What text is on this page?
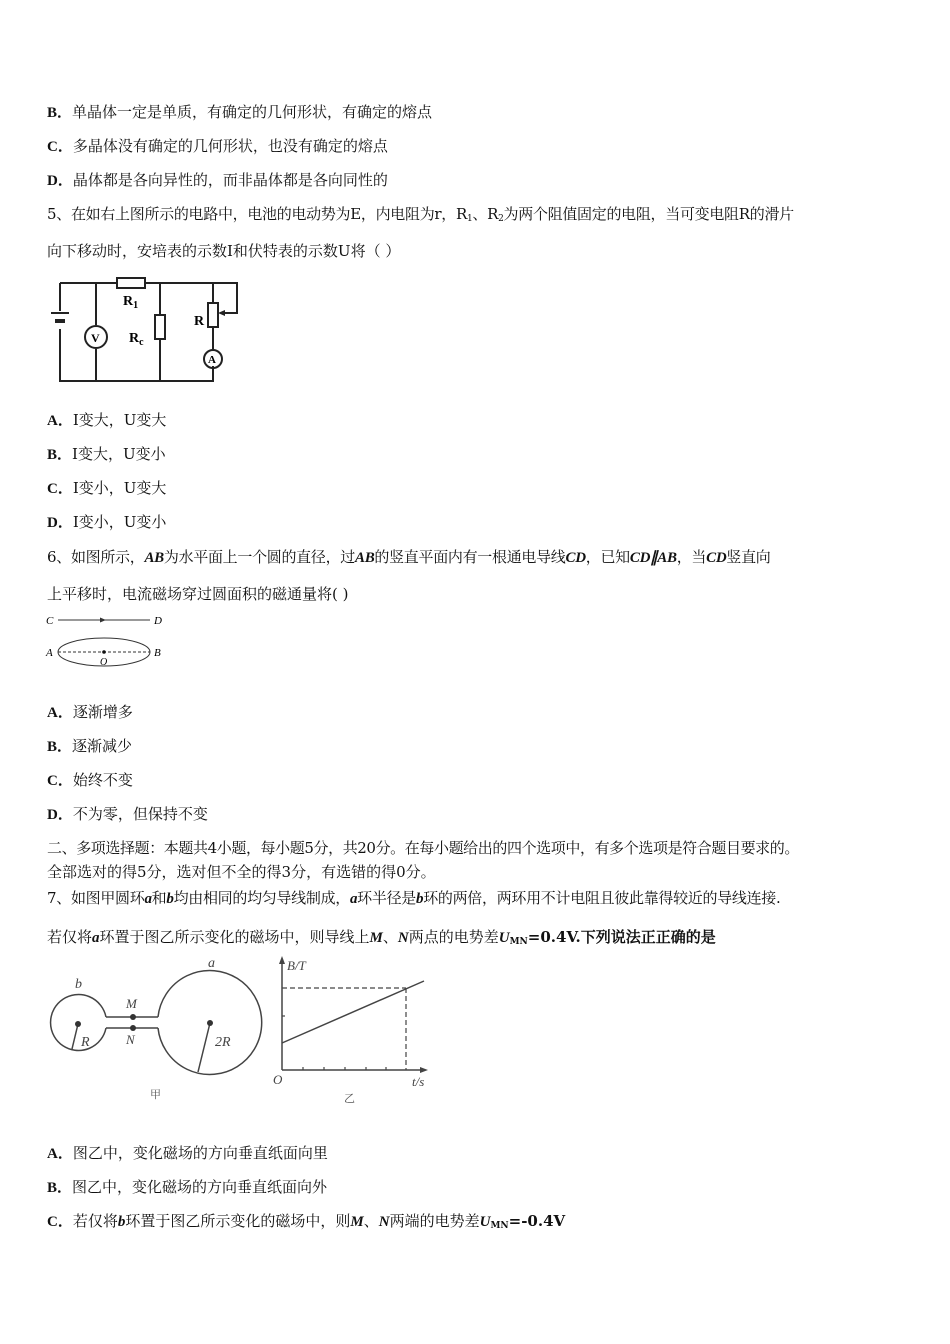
B．单晶体一定是单质，有确定的几何形状，有确定的熔点
C．多晶体没有确定的几何形状，也没有确定的熔点
D．晶体都是各向异性的，而非晶体都是各向同性的
5、在如右上图所示的电路中，电池的电动势为E，内电阻为r，$R_1$、$R_2$为两个阻值固定的电阻，当可变电阻R的滑片
向下移动时，安培表的示数I和伏特表的示数U将（ ）
$R_1$
$R_c$
R
V
A
A．I变大，U变大
B．I变大，U变小
C．I变小，U变大
D．I变小，U变小
6、如图所示，AB为水平面上一个圆的直径，过AB的竖直平面内有一根通电导线CD，已知CD∥AB，当CD竖直向
上平移时，电流磁场穿过圆面积的磁通量将( )
C	D
A	B
O
A．逐渐增多
B．逐渐减少
C．始终不变
D．不为零，但保持不变
二、多项选择题：本题共4小题，每小题5分，共20分。在每小题给出的四个选项中，有多个选项是符合题目要求的。
全部选对的得5分，选对但不全的得3分，有选错的得0分。
7、如图甲圆环a和b均由相同的均匀导线制成，a环半径是b环的两倍，两环用不计电阻且彼此靠得较近的导线连接.
若仅将a环置于图乙所示变化的磁场中，则导线上M、N两点的电势差$U_{MN}=0.4V$.下列说法正正确的是
b
a
M
N
R	2R
甲
B/T
t/s
O
乙
A．图乙中，变化磁场的方向垂直纸面向里
B．图乙中，变化磁场的方向垂直纸面向外
C．若仅将b环置于图乙所示变化的磁场中，则M、N两端的电势差$U_{MN}=-0.4V$
